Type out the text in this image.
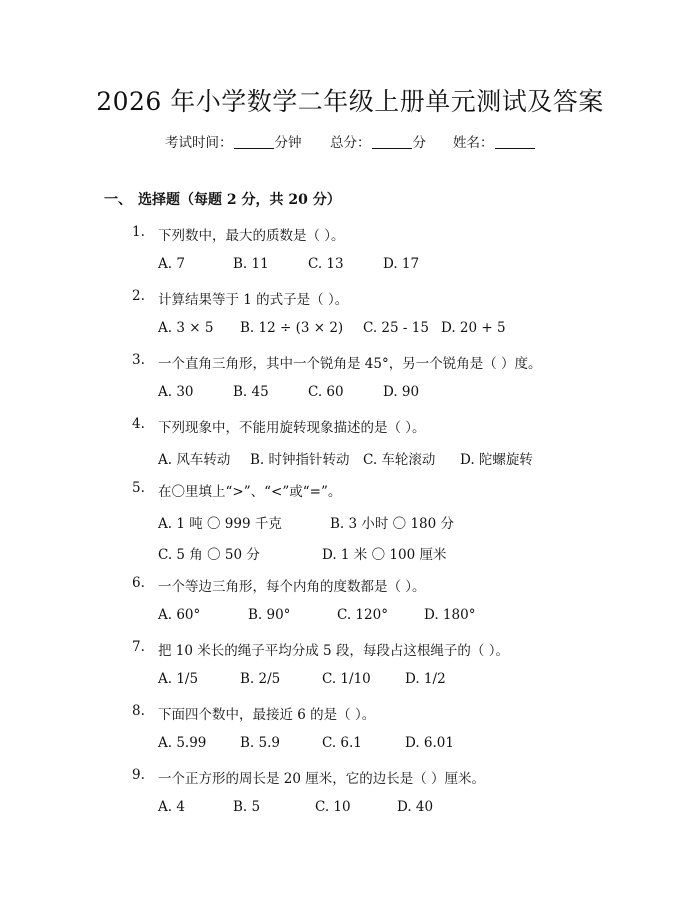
2026 年小学数学二年级上册单元测试及答案
考试时间：	分钟 总分：	分 姓名：
一、 选择题（每题 2 分，共 20 分）
1. 下列数中，最大的质数是（ ）。
A. 7	B. 11	C. 13	D. 17
2. 计算结果等于 1 的式子是（ ）。
A. 3 × 5 B. 12 ÷ (3 × 2) C. 25 - 15 D. 20 + 5
3. 一个直角三角形，其中一个锐角是 45°，另一个锐角是（ ）度。
A. 30	B. 45	C. 60	D. 90
4. 下列现象中，不能用旋转现象描述的是（ ）。
A. 风车转动 B. 时钟指针转动 C. 车轮滚动 D. 陀螺旋转
5. 在〇里填上“>”、“<”或“=”。
A. 1 吨 〇 999 千克	B. 3 小时 〇 180 分
C. 5 角 〇 50 分	D. 1 米 〇 100 厘米
6. 一个等边三角形，每个内角的度数都是（ ）。
A. 60°	B. 90°	C. 120°	D. 180°
7. 把 10 米长的绳子平均分成 5 段，每段占这根绳子的（ ）。
A. 1/5	B. 2/5	C. 1/10	D. 1/2
8. 下面四个数中，最接近 6 的是（ ）。
A. 5.99 B. 5.9	C. 6.1	D. 6.01
9. 一个正方形的周长是 20 厘米，它的边长是（ ）厘米。
A. 4	B. 5	C. 10	D. 40
